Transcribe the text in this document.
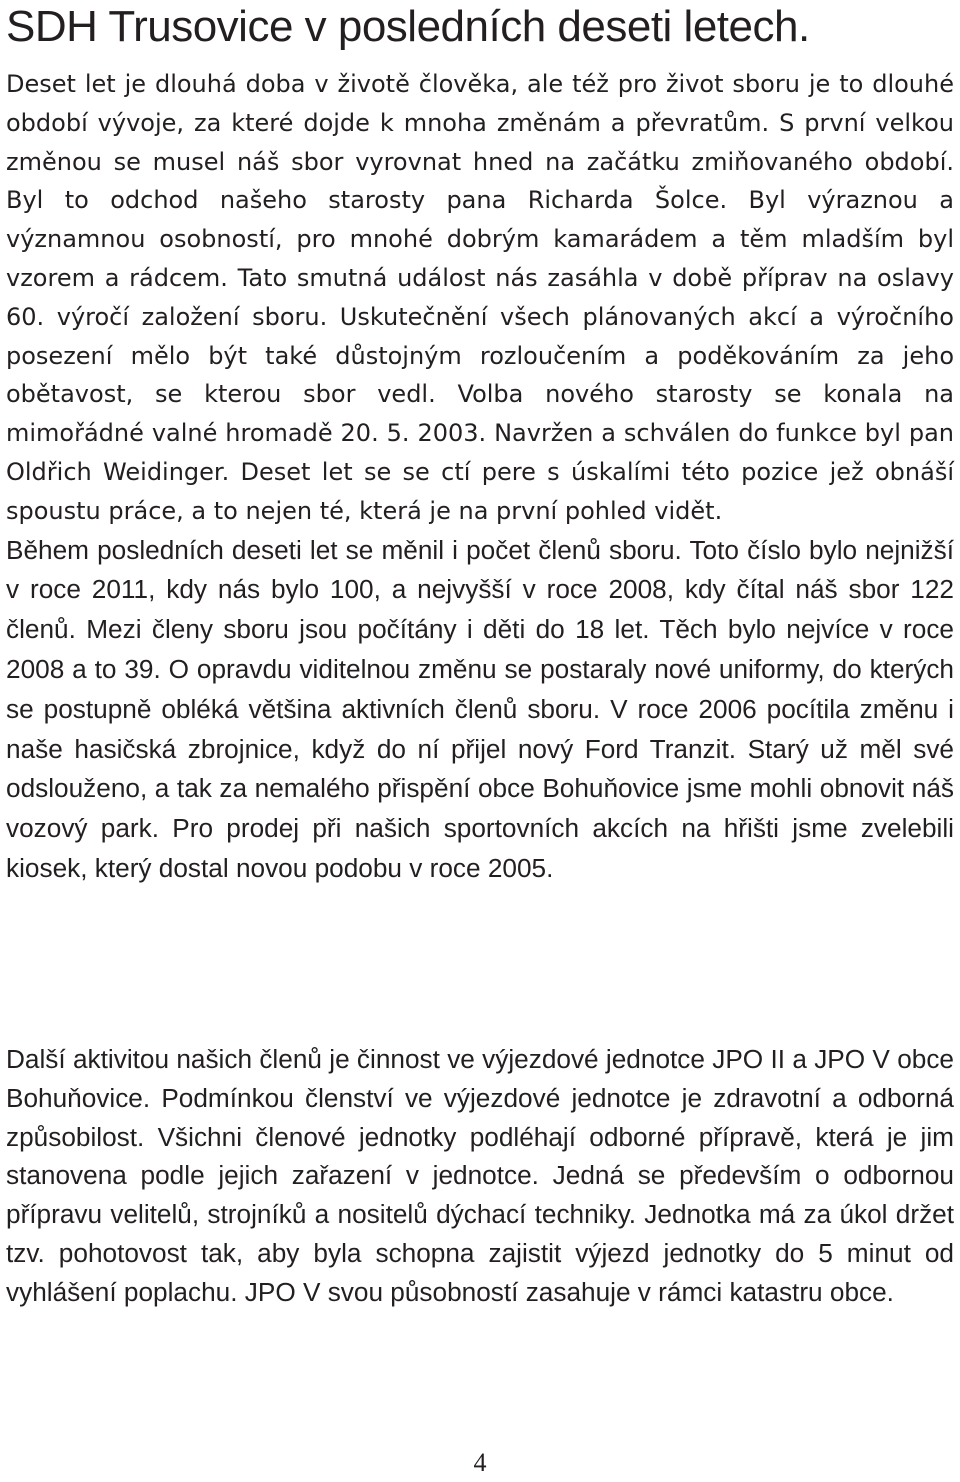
SDH Trusovice v posledních deseti letech.
Deset let je dlouhá doba v životě člověka, ale též pro život sboru je to dlouhé období vývoje, za které dojde k mnoha změnám a převratům. S první velkou změnou se musel náš sbor vyrovnat hned na začátku zmiňovaného období. Byl to odchod našeho starosty pana Richarda Šolce. Byl výraznou a významnou osobností, pro mnohé dobrým kamarádem a těm mladším byl vzorem a rádcem. Tato smutná událost nás zasáhla v době příprav na oslavy 60. výročí založení sboru. Uskutečnění všech plánovaných akcí a výročního posezení mělo být také důstojným rozloučením a poděkováním za jeho obětavost, se kterou sbor vedl. Volba nového starosty se konala na mimořádné valné hromadě 20. 5. 2003. Navržen a schválen do funkce byl pan Oldřich Weidinger. Deset let se se ctí pere s úskalími této pozice jež obnáší spoustu práce, a to nejen té, která je na první pohled vidět.
Během posledních deseti let se měnil i počet členů sboru. Toto číslo bylo nejnižší v roce 2011, kdy nás bylo 100, a nejvyšší v roce 2008, kdy čítal náš sbor 122 členů. Mezi členy sboru jsou počítány i děti do 18 let. Těch bylo nejvíce v roce 2008 a to 39. O opravdu viditelnou změnu se postaraly nové uniformy, do kterých se postupně obléká většina aktivních členů sboru. V roce 2006 pocítila změnu i naše hasičská zbrojnice, když do ní přijel nový Ford Tranzit. Starý už měl své odslouženo, a tak za nemalého přispění obce Bohuňovice jsme mohli obnovit náš vozový park. Pro prodej při našich sportovních akcích na hřišti jsme zvelebili kiosek, který dostal novou podobu v roce 2005.
Další aktivitou našich členů je činnost ve výjezdové jednotce JPO II a JPO V obce Bohuňovice. Podmínkou členství ve výjezdové jednotce je zdravotní a odborná způsobilost. Všichni členové jednotky podléhají odborné přípravě, která je jim stanovena podle jejich zařazení v jednotce. Jedná se především o odbornou přípravu velitelů, strojníků a nositelů dýchací techniky. Jednotka má za úkol držet tzv. pohotovost tak, aby byla schopna zajistit výjezd jednotky do 5 minut od vyhlášení poplachu. JPO V svou působností zasahuje v rámci katastru obce.
4
